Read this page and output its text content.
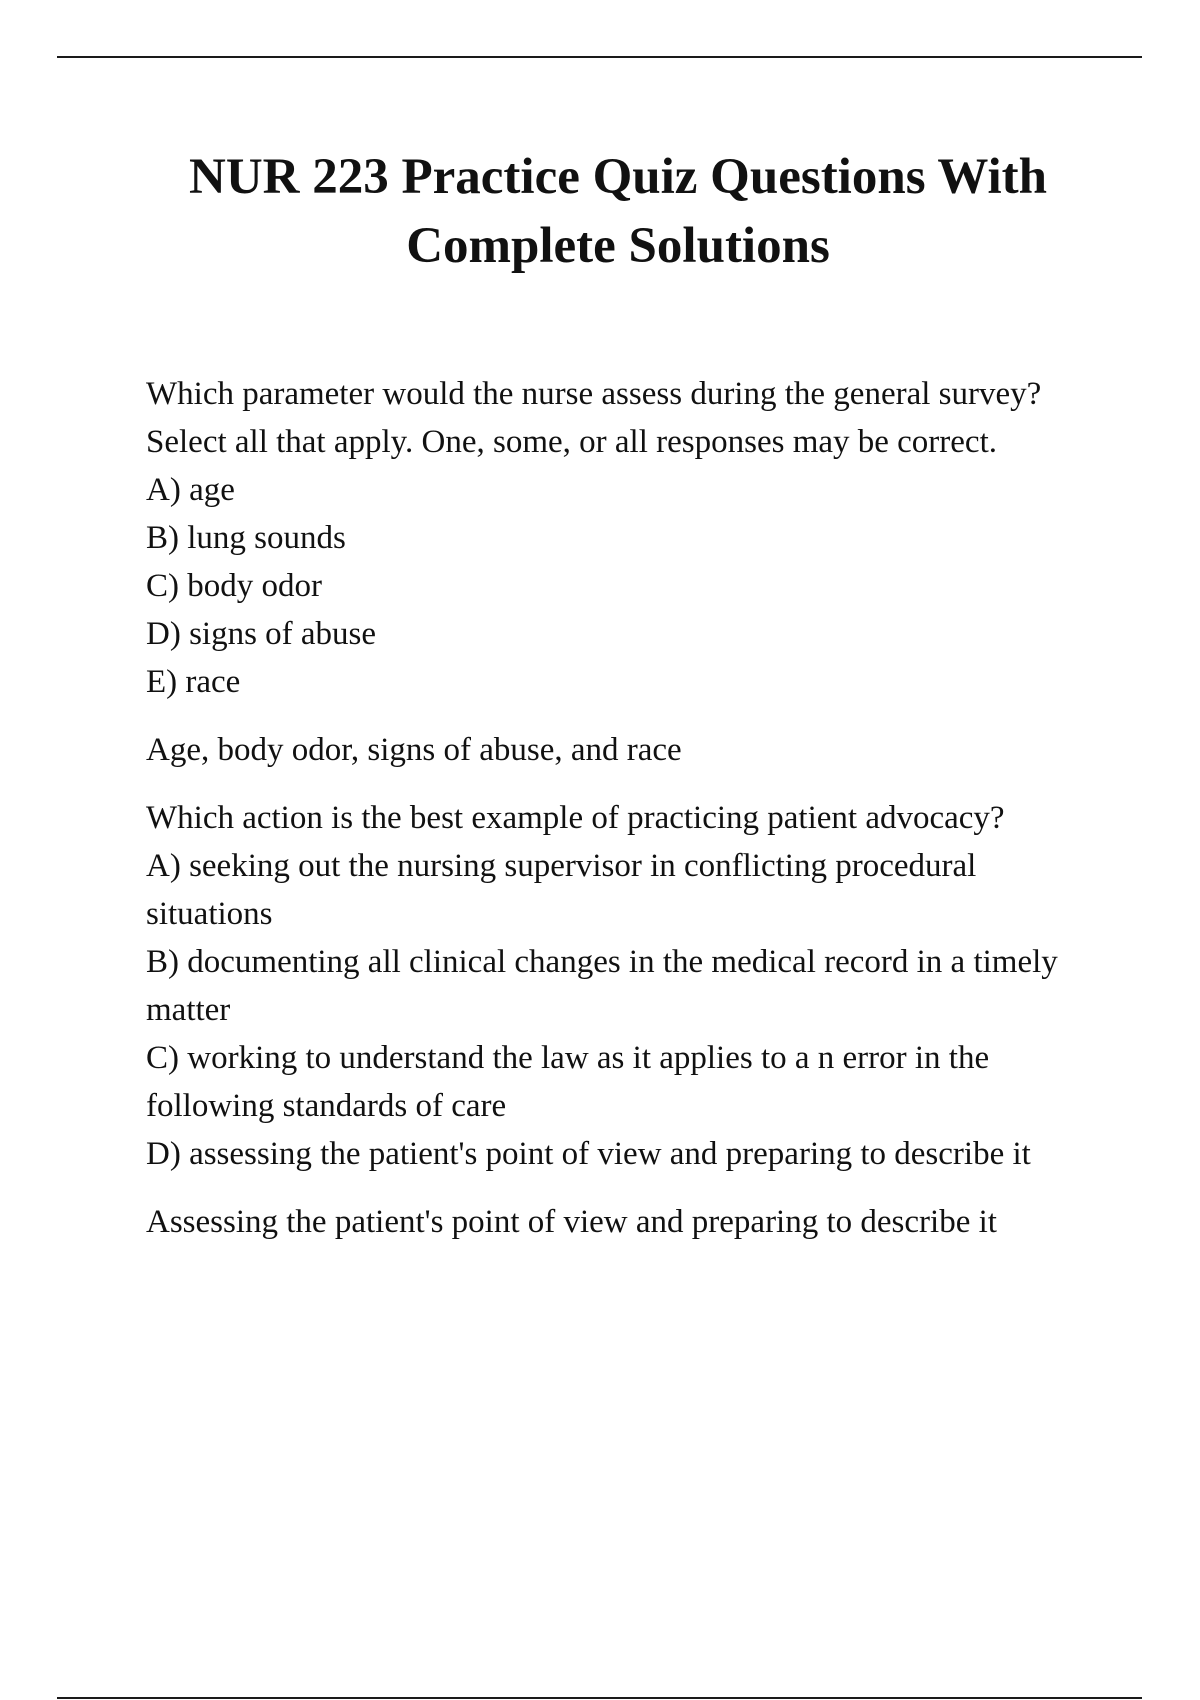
NUR 223 Practice Quiz Questions With Complete Solutions

Which parameter would the nurse assess during the general survey? Select all that apply. One, some, or all responses may be correct.

A) age
B) lung sounds
C) body odor
D) signs of abuse
E) race

Age, body odor, signs of abuse, and race

Which action is the best example of practicing patient advocacy?

A) seeking out the nursing supervisor in conflicting procedural situations
B) documenting all clinical changes in the medical record in a timely matter
C) working to understand the law as it applies to a n error in the following standards of care
D) assessing the patient's point of view and preparing to describe it

Assessing the patient's point of view and preparing to describe it
